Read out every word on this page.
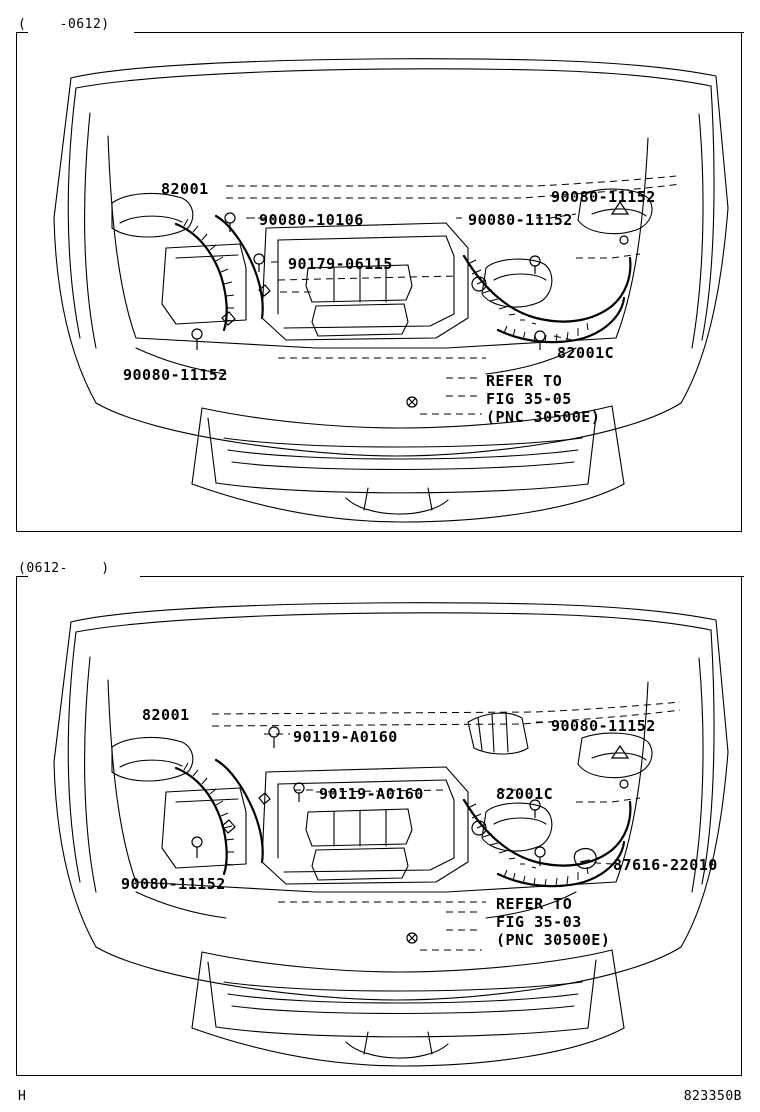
(    -0612)
82001
90080-10106
90179-06115
90080-11152
90080-11152
90080-11152
82001C
REFER TO
FIG 35-05
(PNC 30500E)
(0612-    )
82001
90119-A0160
90119-A0160
90080-11152
82001C
87616-22010
90080-11152
REFER TO
FIG 35-03
(PNC 30500E)
H	823350B
